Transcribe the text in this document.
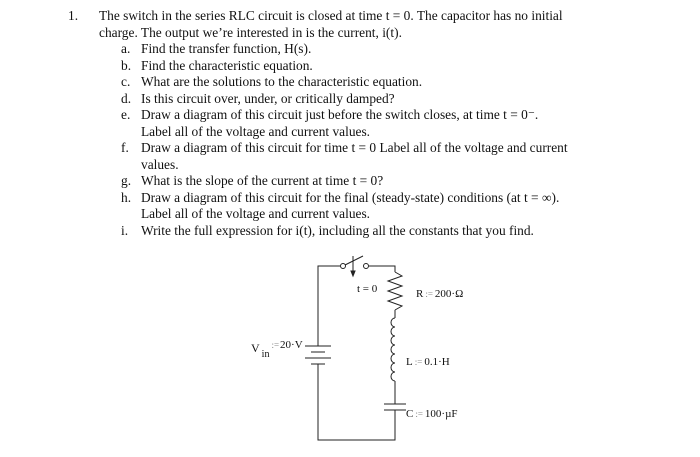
1. The switch in the series RLC circuit is closed at time t = 0. The capacitor has no initial
charge. The output we’re interested in is the current, i(t).
a. Find the transfer function, H(s).
b. Find the characteristic equation.
c. What are the solutions to the characteristic equation.
d. Is this circuit over, under, or critically damped?
e. Draw a diagram of this circuit just before the switch closes, at time t = 0⁻.
Label all of the voltage and current values.
f. Draw a diagram of this circuit for time t = 0 Label all of the voltage and current
values.
g. What is the slope of the current at time t = 0?
h. Draw a diagram of this circuit for the final (steady-state) conditions (at t = ∞).
Label all of the voltage and current values.
i. Write the full expression for i(t), including all the constants that you find.
t = 0	R := 200·Ω
V in:=20·V
L := 0.1·H
C := 100·µF
